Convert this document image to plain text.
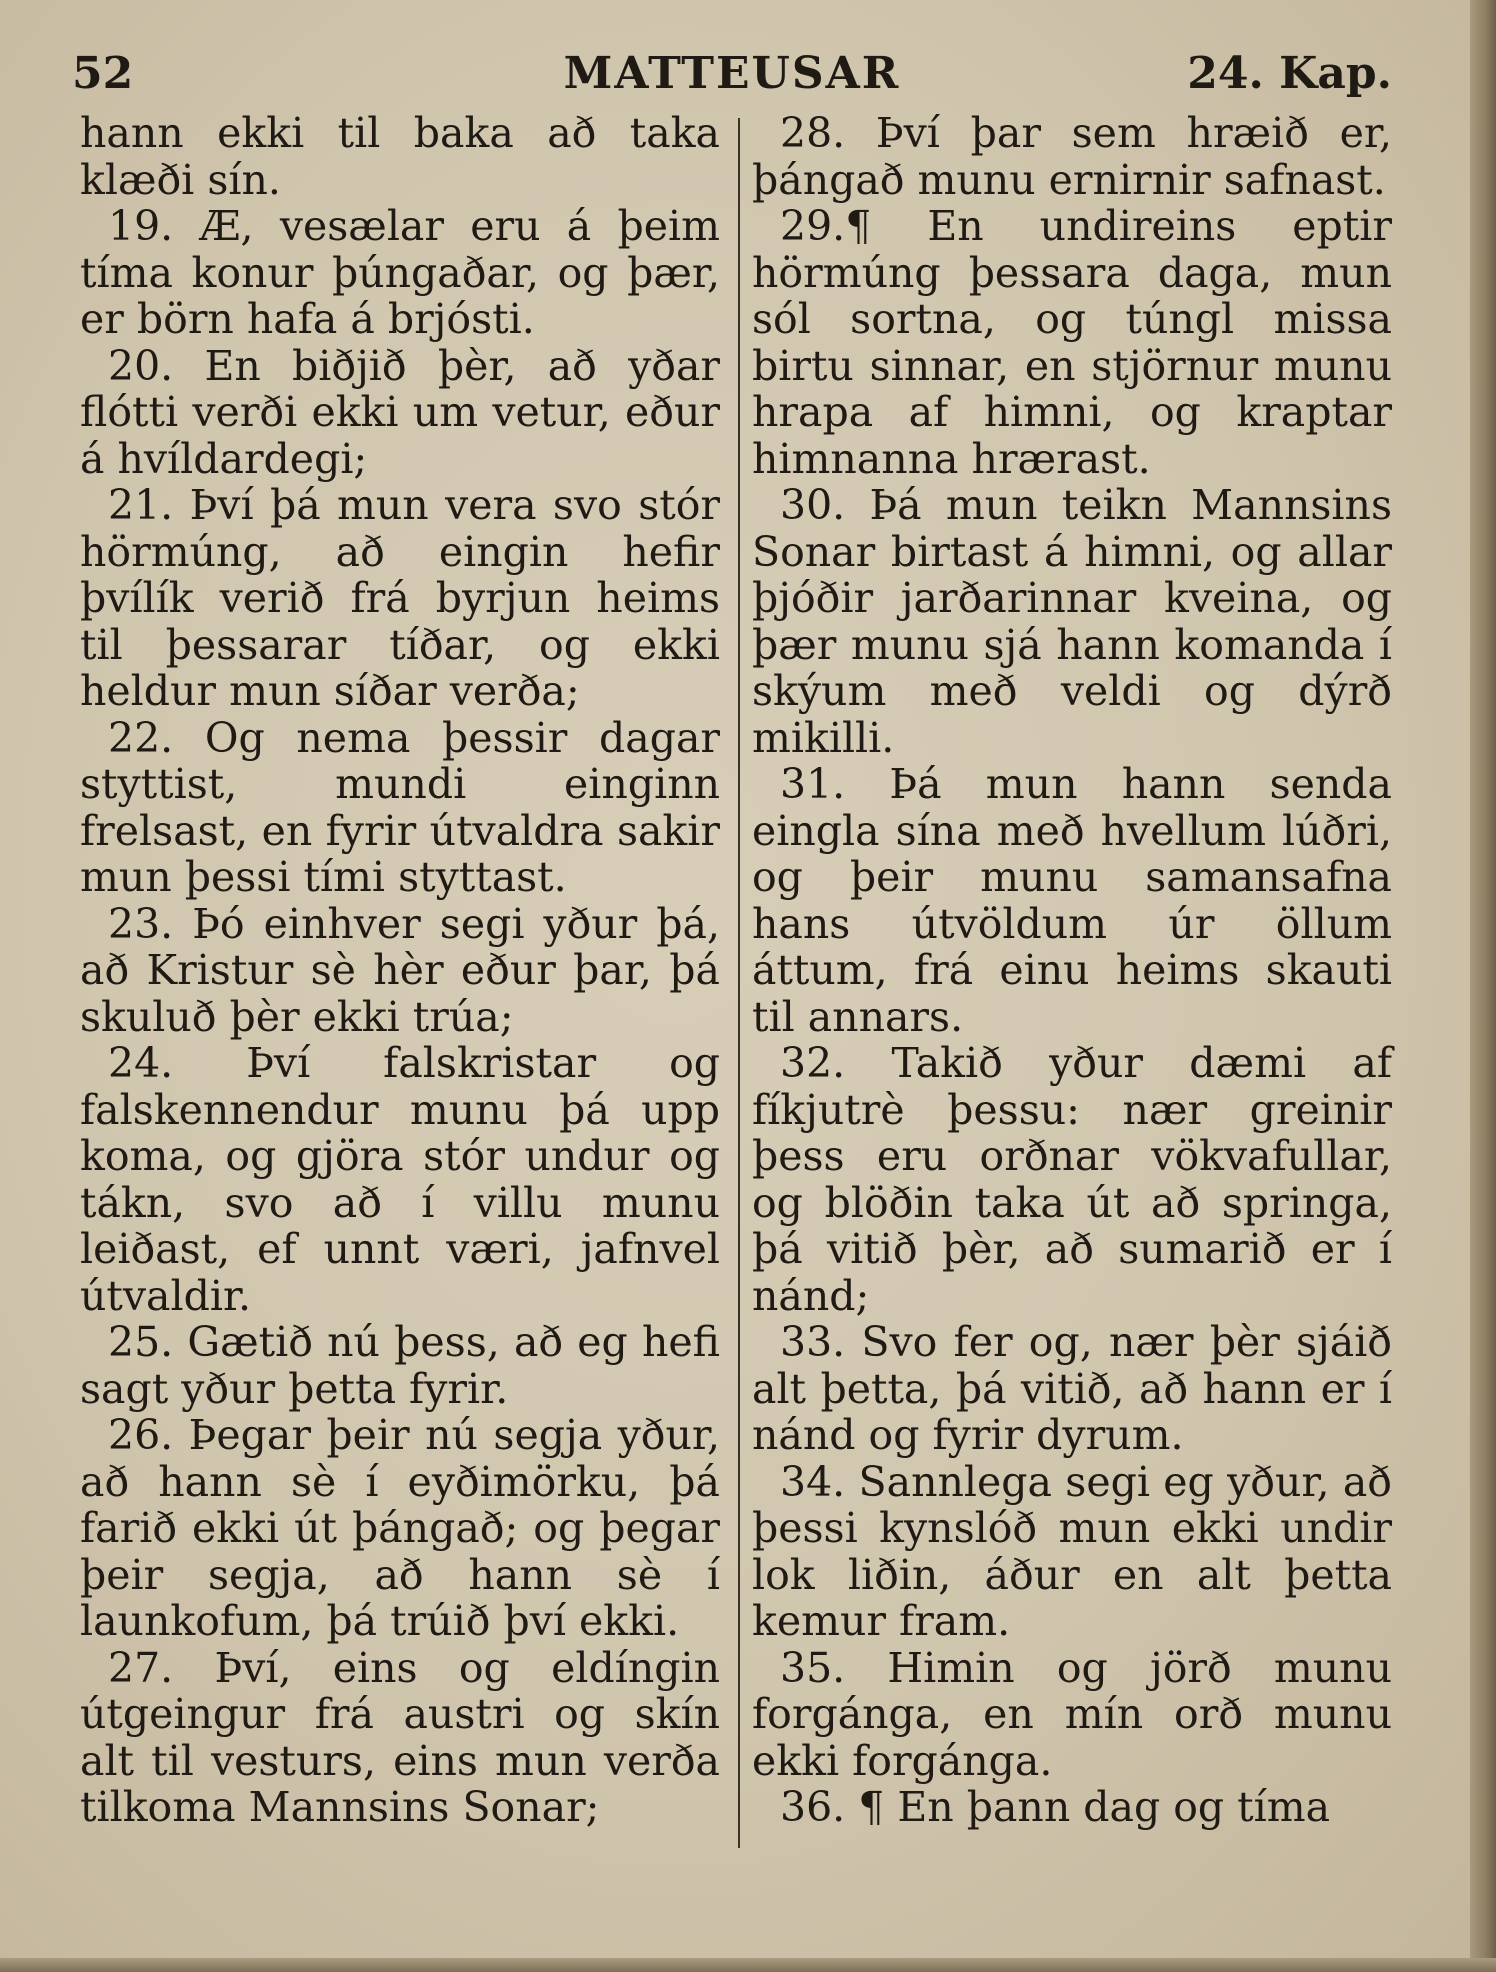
52	MATTEUSAR	24. Kap.

hann ekki til baka að taka klæði sín.

19. Æ, vesælar eru á þeim tíma konur þúngaðar, og þær, er börn hafa á brjósti.

20. En biðjið þèr, að yðar flótti verði ekki um vetur, eður á hvíldardegi;

21. Því þá mun vera svo stór hörmúng, að eingin hefir þvílík verið frá byrjun heims til þessarar tíðar, og ekki heldur mun síðar verða;

22. Og nema þessir dagar styttist, mundi einginn frelsast, en fyrir útvaldra sakir mun þessi tími styttast.

23. Þó einhver segi yður þá, að Kristur sè hèr eður þar, þá skuluð þèr ekki trúa;

24. Því falskristar og falskennendur munu þá upp koma, og gjöra stór undur og tákn, svo að í villu munu leiðast, ef unnt væri, jafnvel útvaldir.

25. Gætið nú þess, að eg hefi sagt yður þetta fyrir.

26. Þegar þeir nú segja yður, að hann sè í eyðimörku, þá farið ekki út þángað; og þegar þeir segja, að hann sè í launkofum, þá trúið því ekki.

27. Því, eins og eldíngin útgeingur frá austri og skín alt til vesturs, eins mun verða tilkoma Mannsins Sonar;

28. Því þar sem hræið er, þángað munu ernirnir safnast.

29.¶ En undireins eptir hörmúng þessara daga, mun sól sortna, og túngl missa birtu sinnar, en stjörnur munu hrapa af himni, og kraptar himnanna hrærast.

30. Þá mun teikn Mannsins Sonar birtast á himni, og allar þjóðir jarðarinnar kveina, og þær munu sjá hann komanda í skýum með veldi og dýrð mikilli.

31. Þá mun hann senda eingla sína með hvellum lúðri, og þeir munu samansafna hans útvöldum úr öllum áttum, frá einu heims skauti til annars.

32. Takið yður dæmi af fíkjutrè þessu: nær greinir þess eru orðnar vökvafullar, og blöðin taka út að springa, þá vitið þèr, að sumarið er í nánd;

33. Svo fer og, nær þèr sjáið alt þetta, þá vitið, að hann er í nánd og fyrir dyrum.

34. Sannlega segi eg yður, að þessi kynslóð mun ekki undir lok liðin, áður en alt þetta kemur fram.

35. Himin og jörð munu forgánga, en mín orð munu ekki forgánga.

36. ¶ En þann dag og tíma
